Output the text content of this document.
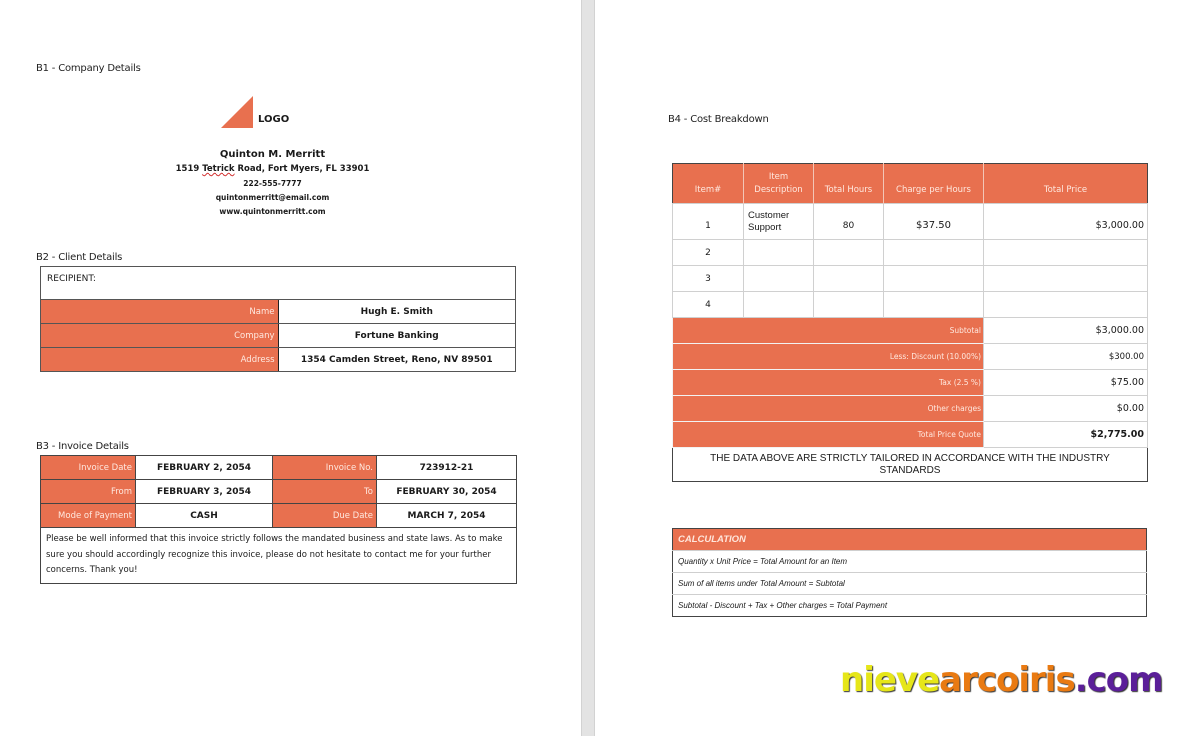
B1 - Company Details
LOGO
Quinton M. Merritt
1519 Tetrick Road, Fort Myers, FL 33901
222-555-7777
quintonmerritt@email.com
www.quintonmerritt.com
B2 - Client Details
RECIPIENT:	
Name	Hugh E. Smith
Company	Fortune Banking
Address	1354 Camden Street, Reno, NV 89501
B3 - Invoice Details
Invoice Date	FEBRUARY 2, 2054	Invoice No.	723912-21
From	FEBRUARY 3, 2054	To	FEBRUARY 30, 2054
Mode of Payment	CASH	Due Date	MARCH 7, 2054
Please be well informed that this invoice strictly follows the mandated business and state laws. As to make sure you should accordingly recognize this invoice, please do not hesitate to contact me for your further concerns. Thank you!			
B4 - Cost Breakdown
Item#	Item Description	Total Hours	Charge per Hours	Total Price
1	Customer Support	80	$37.50	$3,000.00
2				
3				
4				
Subtotal				$3,000.00
Less: Discount (10.00%)				$300.00
Tax (2.5 %)				$75.00
Other charges				$0.00
Total Price Quote				$2,775.00
THE DATA ABOVE ARE STRICTLY TAILORED IN ACCORDANCE WITH THE INDUSTRY STANDARDS				
CALCULATION
Quantity x Unit Price = Total Amount for an Item
Sum of all items under Total Amount = Subtotal
Subtotal - Discount + Tax + Other charges = Total Payment
nievearcoiris.com
